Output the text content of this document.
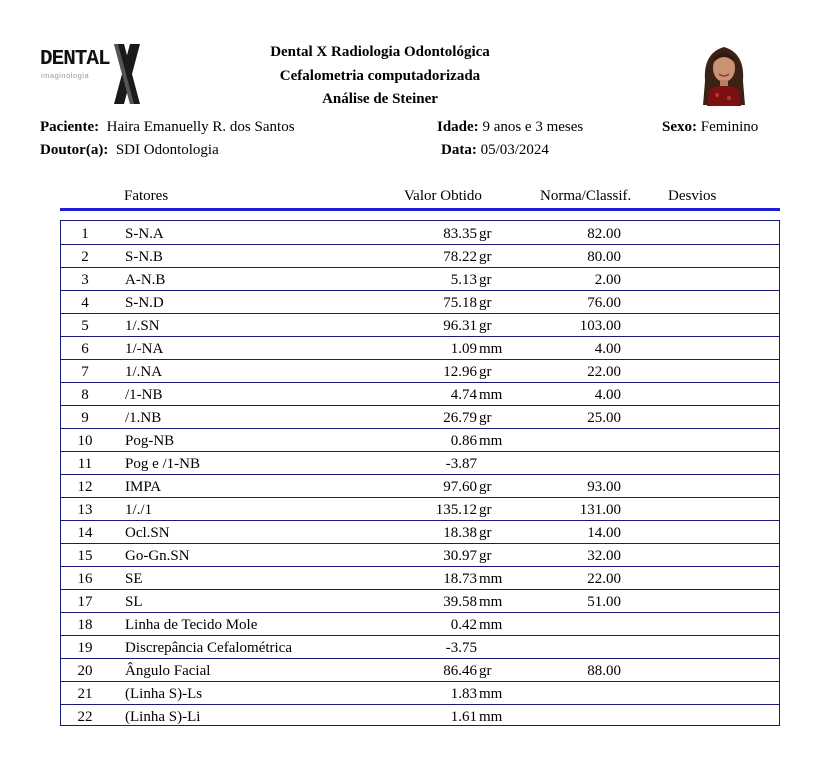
DENTAL
imaginologia
Dental X Radiologia Odontológica
Cefalometria computadorizada
Análise de Steiner
Paciente: Haira Emanuelly R. dos Santos	Idade: 9 anos e 3 meses	Sexo: Feminino
Doutor(a): SDI Odontologia	Data: 05/03/2024
Fatores	Valor Obtido	Norma/Classif. Desvios
1	S-N.A	83.35 gr	82.00
2	S-N.B	78.22 gr	80.00
3	A-N.B	5.13 gr	2.00
4	S-N.D	75.18 gr	76.00
5	1/.SN	96.31 gr	103.00
6	1/-NA	1.09 mm	4.00
7	1/.NA	12.96 gr	22.00
8	/1-NB	4.74 mm	4.00
9	/1.NB	26.79 gr	25.00
10	Pog-NB	0.86 mm
11	Pog e /1-NB	-3.87
12	IMPA	97.60 gr	93.00
13	1/./1	135.12 gr	131.00
14	Ocl.SN	18.38 gr	14.00
15	Go-Gn.SN	30.97 gr	32.00
16	SE	18.73 mm	22.00
17	SL	39.58 mm	51.00
18	Linha de Tecido Mole	0.42 mm
19	Discrepância Cefalométrica	-3.75
20	Ângulo Facial	86.46 gr	88.00
21	(Linha S)-Ls	1.83 mm
22	(Linha S)-Li	1.61 mm
